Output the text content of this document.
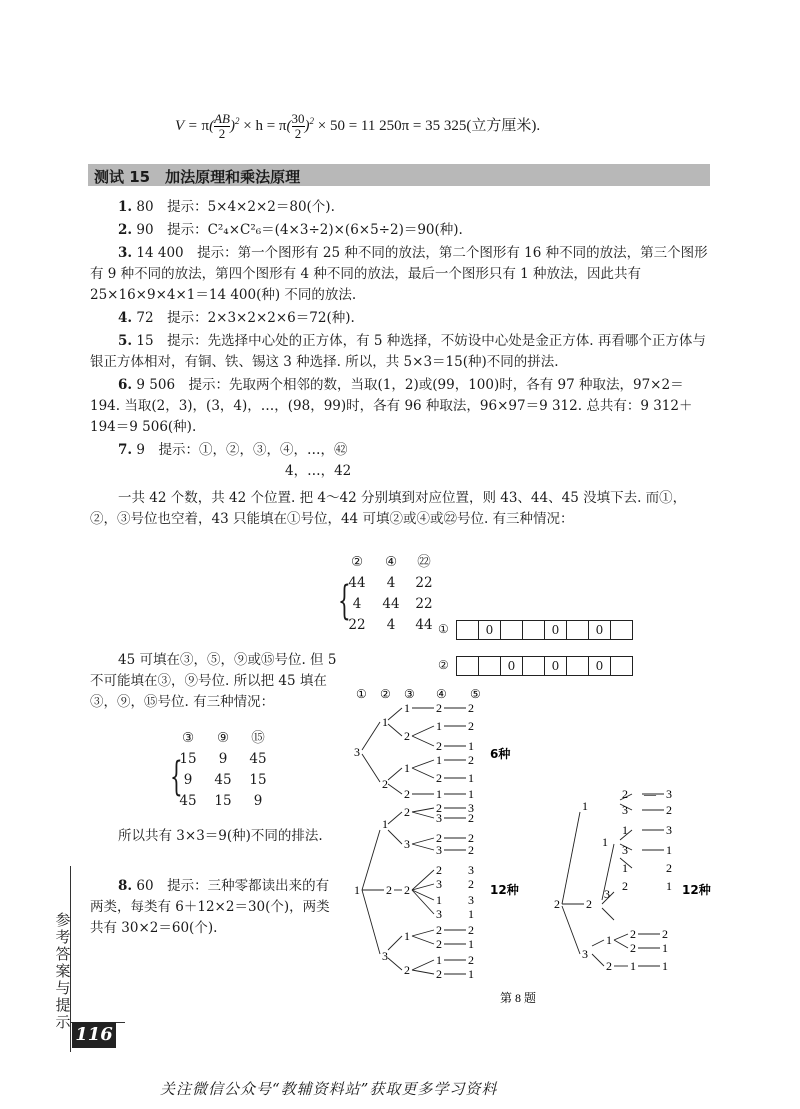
$V = \pi( \frac{AB}{2} )^2 \times h = \pi( \frac{30}{2} )^2 \times 50 = 11$ 250π = 35 325(立方厘米).
测试 15　加法原理和乘法原理
1. 80　提示：5×4×2×2＝80(个).
2. 90　提示：C²₄×C²₆＝(4×3÷2)×(6×5÷2)＝90(种).
3. 14 400　提示：第一个图形有 25 种不同的放法，第二个图形有 16 种不同的放法，第三个图形有 9 种不同的放法，第四个图形有 4 种不同的放法，最后一个图形只有 1 种放法，因此共有 25×16×9×4×1＝14 400(种) 不同的放法.
4. 72　提示：2×3×2×2×6＝72(种).
5. 15　提示：先选择中心处的正方体，有 5 种选择，不妨设中心处是金正方体. 再看哪个正方体与银正方体相对，有铜、铁、锡这 3 种选择. 所以，共 5×3＝15(种)不同的拼法.
6. 9 506　提示：先取两个相邻的数，当取(1，2)或(99，100)时，各有 97 种取法，97×2＝194. 当取(2，3)，(3，4)，…，(98，99)时，各有 96 种取法，96×97＝9 312. 总共有：9 312＋194＝9 506(种).
7. 9　提示：①，②，③，④，…，㊷
4，…，42
一共 42 个数，共 42 个位置. 把 4～42 分别填到对应位置，则 43、44、45 没填下去. 而①，②，③号位也空着，43 只能填在①号位，44 可填②或④或㉒号位. 有三种情况：
②	④	㉒
{
44	4	22
4	44	22
22	4	44 ①	0	0	0
②	0	0	0
45 可填在③，⑤，⑨或⑮号位. 但 5 不可能填在③，⑨号位. 所以把 45 填在③，⑨，⑮号位. 有三种情况：
③	⑨	⑮
{
15	9	45
9	45	15
45	15	9
所以共有 3×3＝9(种)不同的排法.
8. 60　提示：三种零都读出来的有两类，每类有 6＋12×2＝30(个)，两类共有 30×2＝60(个).
① ② ③ ④ ⑤
3
1
2
1 2 2
2
1 2
2 1
1
1 2
2 1
2 1 1
1
1
2
3
2 2 3
3 2
3 2 2
3 2
2
2 3
3 2
1 3
3 1
1 2 2
2 1
2
1 2
2 1
2 2
1
1
3
3
2 — 3
3	2
1	3
3	1
1	2
2	1
1 2 2
2 1
2 1 1
6种
12种	12种
第 8 题
参考答案与提示
116
关注微信公众号“教辅资料站”获取更多学习资料
